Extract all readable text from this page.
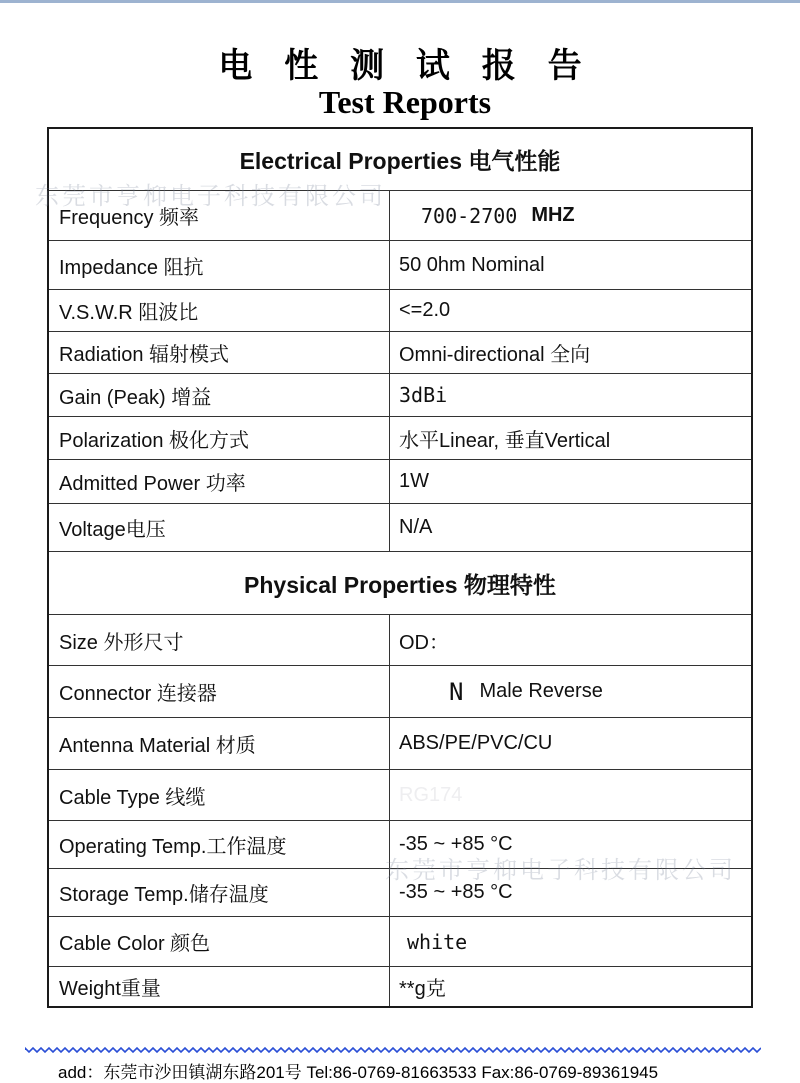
电 性 测 试 报 告
Test Reports
Electrical Properties 电气性能
Frequency 频率	700-2700 MHZ
Impedance 阻抗	50 0hm Nominal
V.S.W.R 阻波比	<=2.0
Radiation 辐射模式	Omni-directional 全向
Gain (Peak) 增益	3dBi
Polarization 极化方式	水平Linear, 垂直Vertical
Admitted Power 功率	1W
Voltage电压	N/A
Physical Properties 物理特性
Size 外形尺寸	OD：
Connector 连接器	N Male Reverse
Antenna Material 材质	ABS/PE/PVC/CU
Cable Type 线缆	RG174
Operating Temp.工作温度	-35 ~ +85 °C
Storage Temp.储存温度	-35 ~ +85 °C
Cable Color 颜色	white
Weight重量	**g克
东莞市亨枊电子科技有限公司
东莞市亨枊电子科技有限公司
add：东莞市沙田镇湖东路201号 Tel:86-0769-81663533 Fax:86-0769-89361945
